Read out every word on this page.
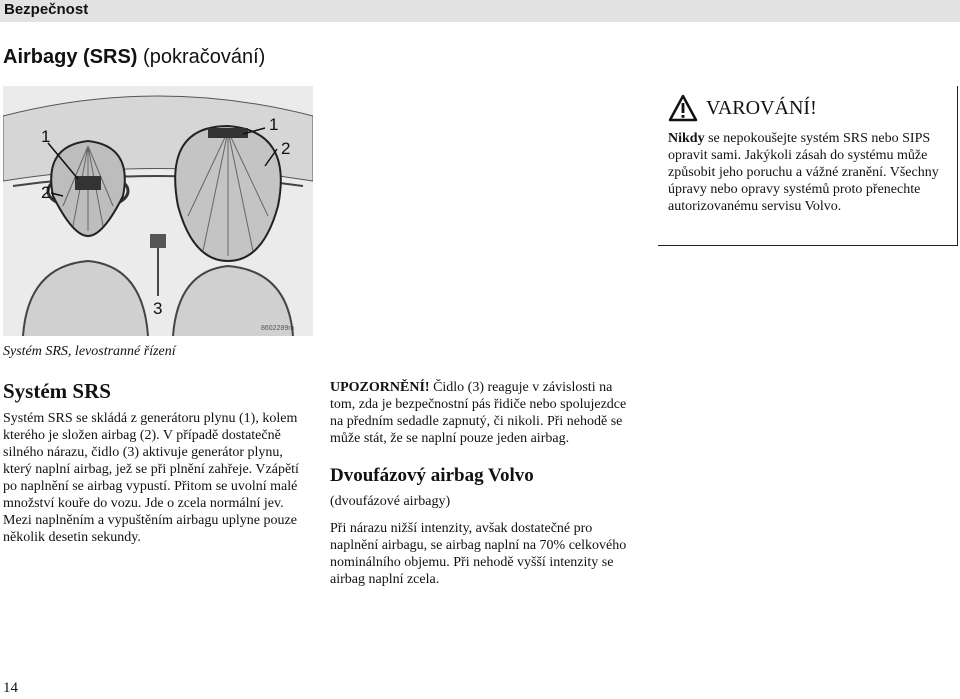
Bezpečnost
Airbagy (SRS) (pokračování)
1
2
1
2
3
8602289m
Systém SRS, levostranné řízení
VAROVÁNÍ!
Nikdy se nepokoušejte systém SRS nebo SIPS opravit sami. Jakýkoli zásah do systému může způsobit jeho poruchu a vážné zranění. Všechny úpravy nebo opravy systémů proto přenechte autorizovanému servisu Volvo.
Systém SRS

Systém SRS se skládá z generátoru plynu (1), kolem kterého je složen airbag (2). V případě dostatečně silného nárazu, čidlo (3) aktivuje generátor plynu, který naplní airbag, jež se při plnění zahřeje. Vzápětí po naplnění se airbag vypustí. Přitom se uvolní malé množství kouře do vozu. Jde o zcela normální jev. Mezi naplněním a vypuštěním airbagu uplyne pouze několik desetin sekundy.

UPOZORNĚNÍ! Čidlo (3) reaguje v závislosti na tom, zda je bezpečnostní pás řidiče nebo spolujezdce na předním sedadle zapnutý, či nikoli. Při nehodě se může stát, že se naplní pouze jeden airbag.

Dvoufázový airbag Volvo

(dvoufázové airbagy)

Při nárazu nižší intenzity, avšak dostatečné pro naplnění airbagu, se airbag naplní na 70% celkového nominálního objemu. Při nehodě vyšší intenzity se airbag naplní zcela.

14
